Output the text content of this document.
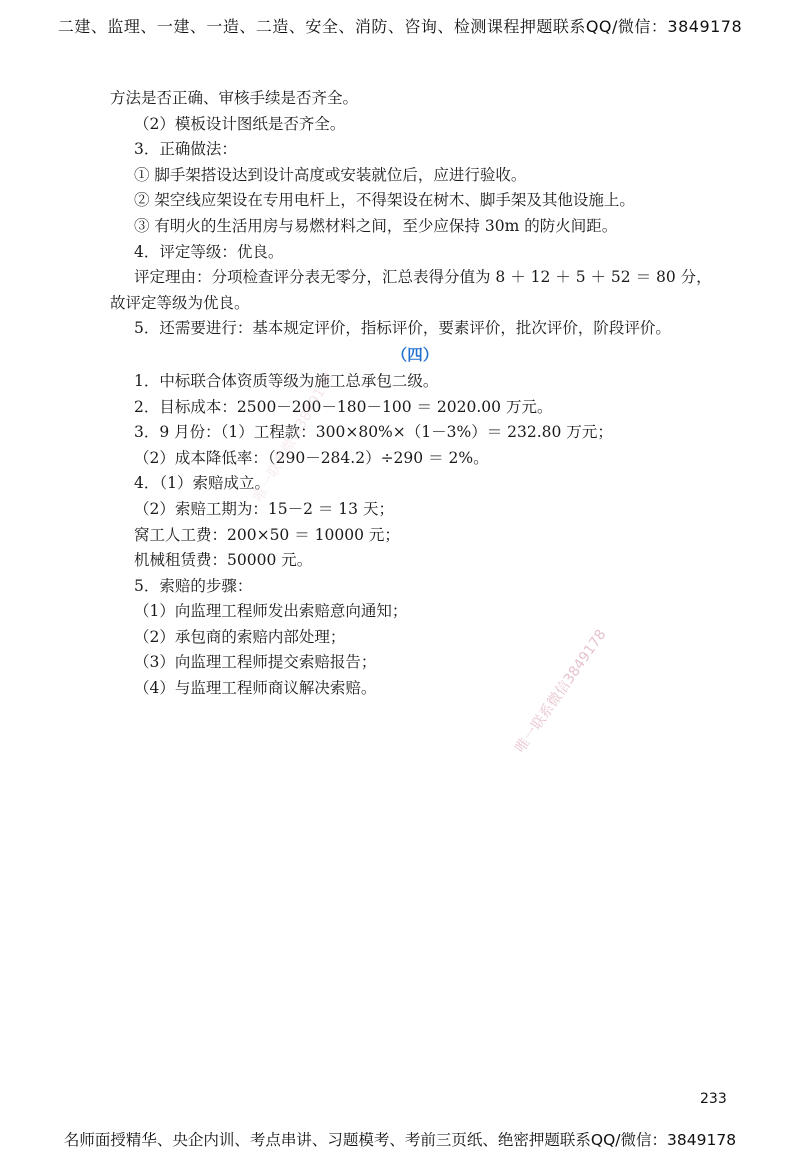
二建、监理、一建、一造、二造、安全、消防、咨询、检测课程押题联系QQ/微信：3849178
方法是否正确、审核手续是否齐全。
（2）模板设计图纸是否齐全。
3．正确做法：
① 脚手架搭设达到设计高度或安装就位后，应进行验收。
② 架空线应架设在专用电杆上，不得架设在树木、脚手架及其他设施上。
③ 有明火的生活用房与易燃材料之间，至少应保持 30m 的防火间距。
4．评定等级：优良。
评定理由：分项检查评分表无零分，汇总表得分值为 8 ＋ 12 ＋ 5 ＋ 52 ＝ 80 分，
故评定等级为优良。
5．还需要进行：基本规定评价，指标评价，要素评价，批次评价，阶段评价。
（四）
1．中标联合体资质等级为施工总承包二级。
2．目标成本：2500－200－180－100 ＝ 2020.00 万元。
3．9 月份：（1）工程款：300×80%×（1－3%）＝ 232.80 万元；
（2）成本降低率：（290－284.2）÷290 ＝ 2%。
4．（1）索赔成立。
（2）索赔工期为：15－2 ＝ 13 天；
窝工人工费：200×50 ＝ 10000 元；
机械租赁费：50000 元。
5．索赔的步骤：
（1）向监理工程师发出索赔意向通知；
（2）承包商的索赔内部处理；
（3）向监理工程师提交索赔报告；
（4）与监理工程师商议解决索赔。
唯一联系微信3849178
唯一联系微信3849178
233
名师面授精华、央企内训、考点串讲、习题模考、考前三页纸、绝密押题联系QQ/微信：3849178
